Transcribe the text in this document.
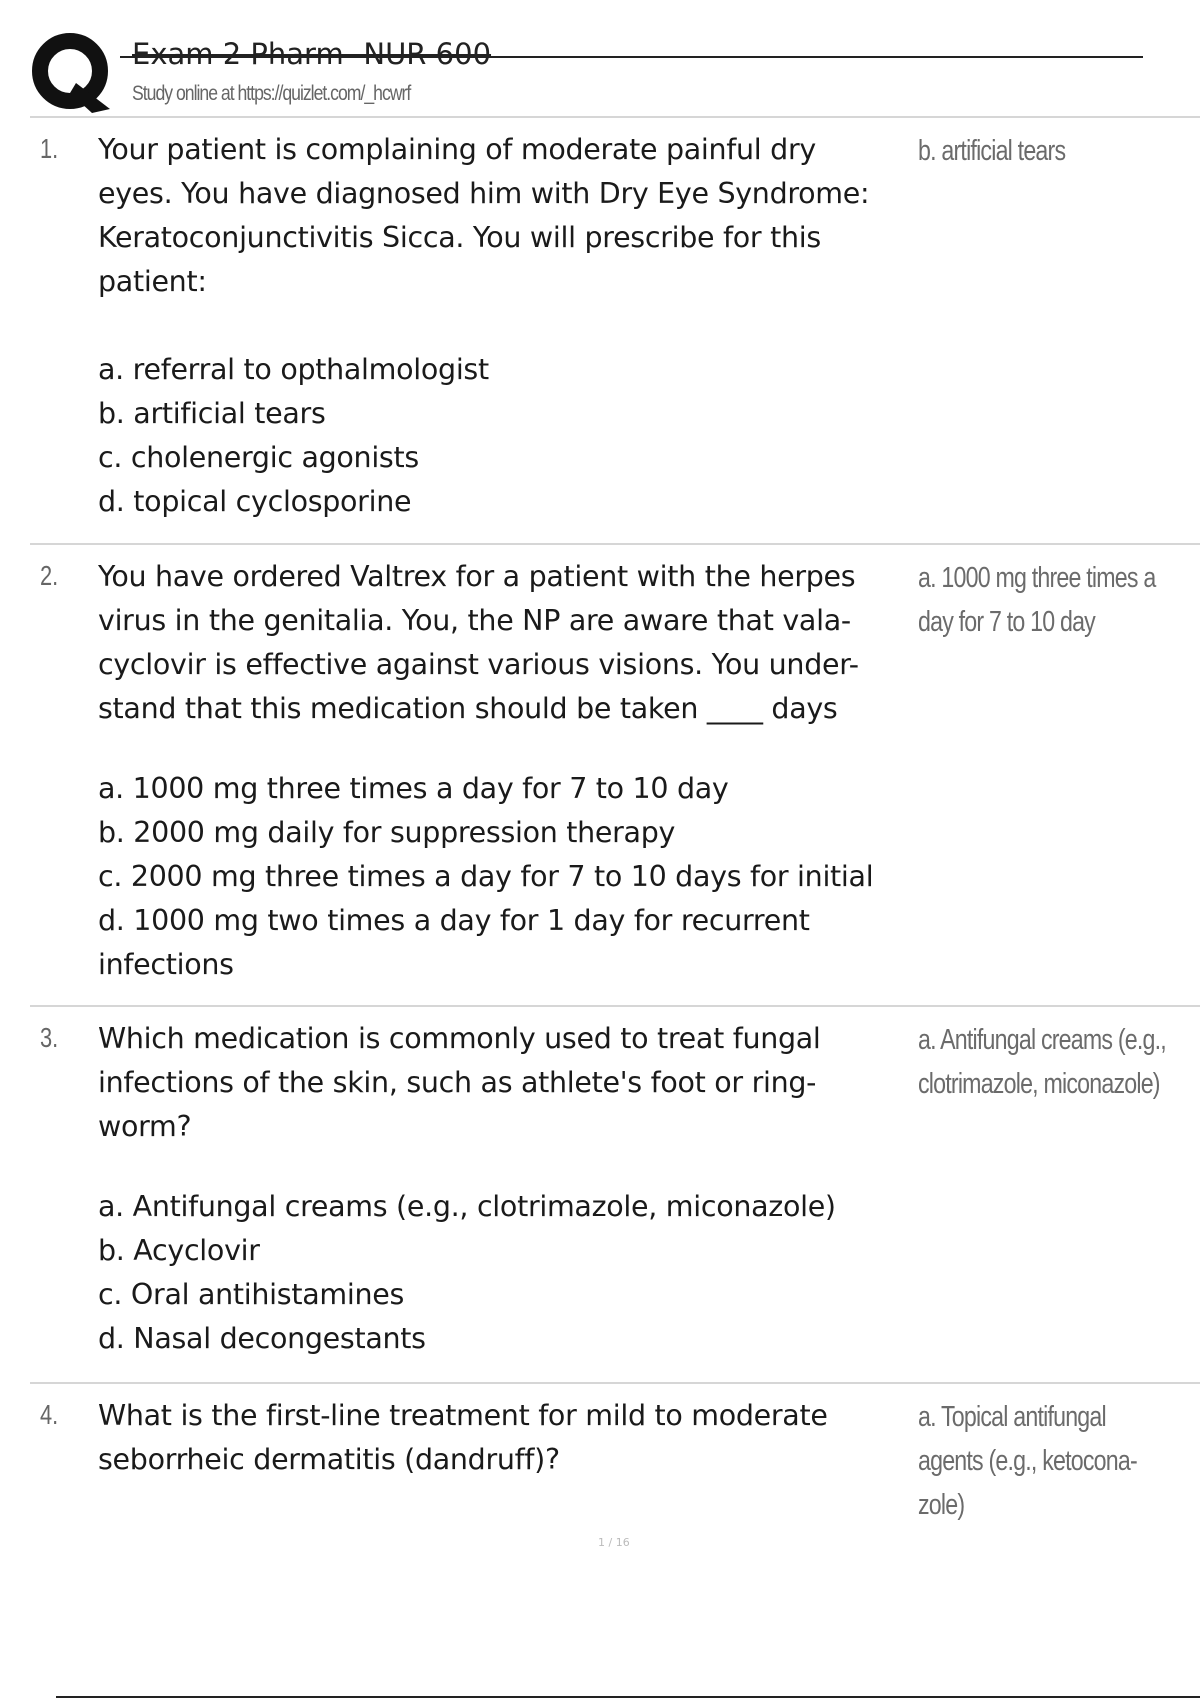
Exam 2 Pharm- NUR 600
Study online at https://quizlet.com/_hcwrf
1. Your patient is complaining of moderate painful dry
eyes. You have diagnosed him with Dry Eye Syndrome:
Keratoconjunctivitis Sicca. You will prescribe for this
patient:
a. referral to opthalmologist
b. artificial tears
c. cholenergic agonists
d. topical cyclosporine
b. artificial tears
2. You have ordered Valtrex for a patient with the herpes
virus in the genitalia. You, the NP are aware that vala-
cyclovir is effective against various visions. You under-
stand that this medication should be taken ____ days
a. 1000 mg three times a day for 7 to 10 day
b. 2000 mg daily for suppression therapy
c. 2000 mg three times a day for 7 to 10 days for initial
d. 1000 mg two times a day for 1 day for recurrent
infections
a. 1000 mg three times a
day for 7 to 10 day
3. Which medication is commonly used to treat fungal
infections of the skin, such as athlete's foot or ring-
worm?
a. Antifungal creams (e.g., clotrimazole, miconazole)
b. Acyclovir
c. Oral antihistamines
d. Nasal decongestants
a. Antifungal creams (e.g.,
clotrimazole, miconazole)
4. What is the first-line treatment for mild to moderate
seborrheic dermatitis (dandruff)?
a. Topical antifungal
agents (e.g., ketocona-
zole)
1 / 16
